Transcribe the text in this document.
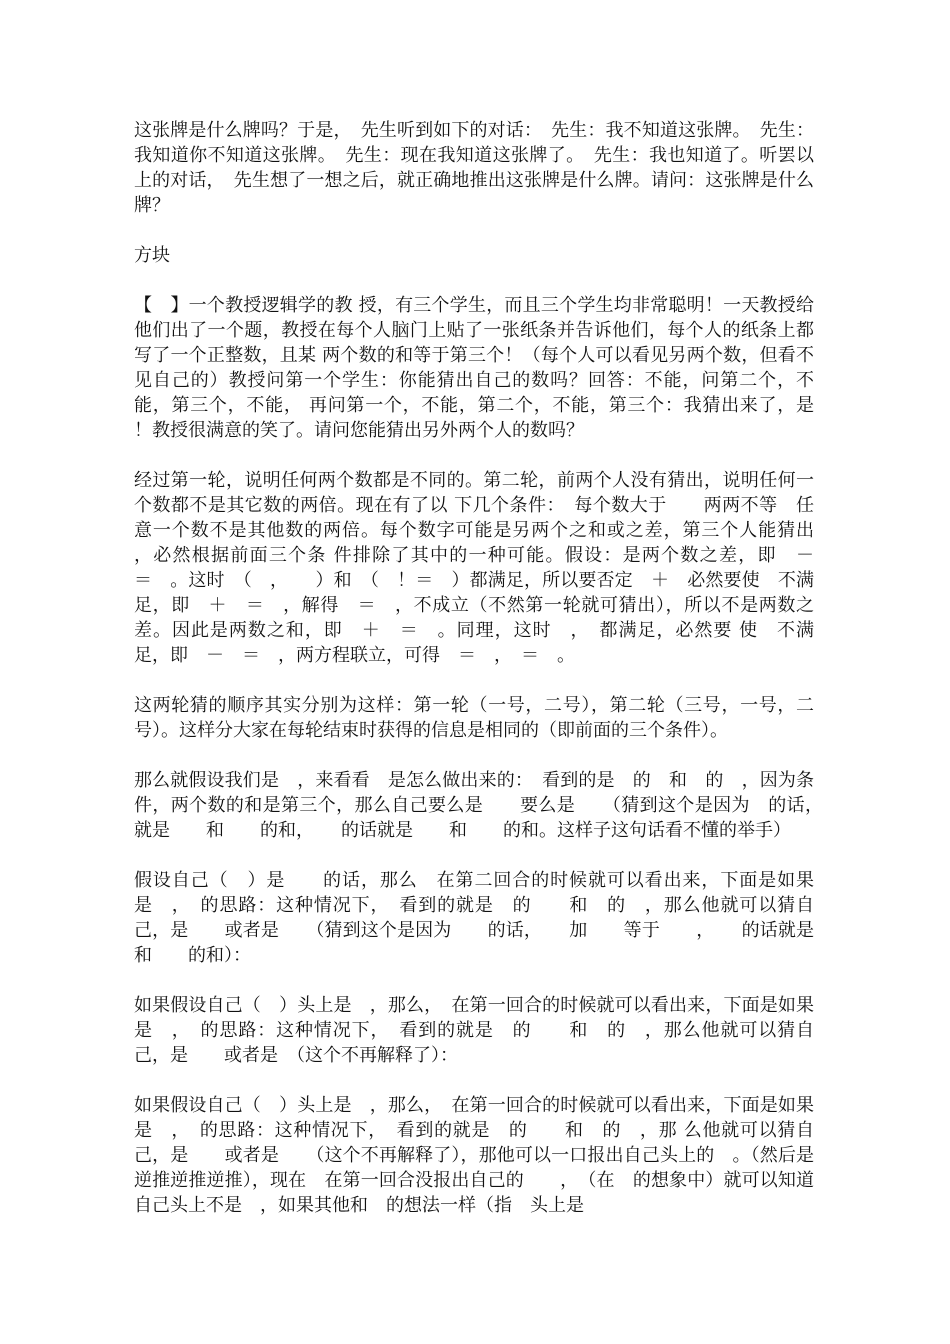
这张牌是什么牌吗？于是，　先生听到如下的对话：　先生：我不知道这张牌。　先生：我知道你不知道这张牌。　先生：现在我知道这张牌了。　先生：我也知道了。听罢以上的对话，　先生想了一想之后，就正确地推出这张牌是什么牌。请问：这张牌是什么牌？

方块

【　】一个教授逻辑学的教 授，有三个学生，而且三个学生均非常聪明！一天教授给他们出了一个题，教授在每个人脑门上贴了一张纸条并告诉他们，每个人的纸条上都写了一个正整数，且某 两个数的和等于第三个！（每个人可以看见另两个数，但看不见自己的）教授问第一个学生：你能猜出自己的数吗？回答：不能，问第二个，不能，第三个，不能， 再问第一个，不能，第二个，不能，第三个：我猜出来了，是　　！教授很满意的笑了。请问您能猜出另外两个人的数吗？

经过第一轮，说明任何两个数都是不同的。第二轮，前两个人没有猜出，说明任何一个数都不是其它数的两倍。现在有了以 下几个条件：　每个数大于　　两两不等　任意一个数不是其他数的两倍。每个数字可能是另两个之和或之差，第三个人能猜出　　，必然根据前面三个条 件排除了其中的一种可能。假设：是两个数之差，即　－　＝　。这时　（　，　　）和　（　！＝　）都满足，所以要否定　＋　必然要使　不满 足，即　＋　＝　，解得　＝　，不成立（不然第一轮就可猜出），所以不是两数之差。因此是两数之和，即　＋　＝　。同理，这时　，　都满足，必然要 使　不满足，即　－　＝　，两方程联立，可得　＝　，　＝　。

这两轮猜的顺序其实分别为这样：第一轮（一号，二号），第二轮（三号，一号，二号）。这样分大家在每轮结束时获得的信息是相同的（即前面的三个条件）。

那么就假设我们是　，来看看　是怎么做出来的：　看到的是　的　和　的　，因为条件，两个数的和是第三个，那么自己要么是　　要么是　　（猜到这个是因为　的话，　　就是　　和　　的和，　　的话就是　　和　　的和。这样子这句话看不懂的举手）

假设自己（　）是　　的话，那么　在第二回合的时候就可以看出来，下面是如果　是　，　的思路：这种情况下，　看到的就是　的　　和　的　，那么他就可以猜自己，是　　或者是　　（猜到这个是因为　　的话，　　加　　等于　　，　　的话就是　　和　　的和）：

如果假设自己（　）头上是　，那么，　在第一回合的时候就可以看出来，下面是如果　是　，　的思路：这种情况下，　看到的就是　的　　和　的　，那么他就可以猜自己，是　　或者是　（这个不再解释了）：

如果假设自己（　）头上是　，那么，　在第一回合的时候就可以看出来，下面是如果　是　，　的思路：这种情况下，　看到的就是　的　　和　的　，那 么他就可以猜自己，是　　或者是　　（这个不再解释了），那他可以一口报出自己头上的　。（然后是逆推逆推逆推），现在　在第一回合没报出自己的　　，　（在　的想象中）就可以知道自己头上不是　，如果其他和　的想法一样（指　头上是
